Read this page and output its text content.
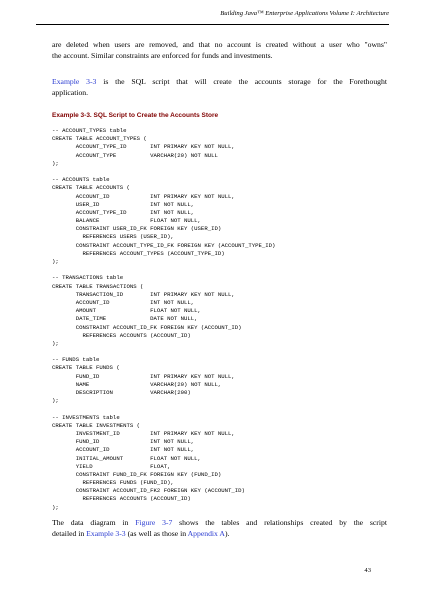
Building Java™ Enterprise Applications Volume I: Architecture

are deleted when users are removed, and that no account is created without a user who "owns"
the account. Similar constraints are enforced for funds and investments.

Example 3-3 is the SQL script that will create the accounts storage for the Forethought
application.

Example 3-3. SQL Script to Create the Accounts Store
-- ACCOUNT_TYPES table
CREATE TABLE ACCOUNT_TYPES (
ACCOUNT_TYPE_ID       INT PRIMARY KEY NOT NULL,
ACCOUNT_TYPE          VARCHAR(20) NOT NULL
);
-- ACCOUNTS table
CREATE TABLE ACCOUNTS (
ACCOUNT_ID            INT PRIMARY KEY NOT NULL,
USER_ID               INT NOT NULL,
ACCOUNT_TYPE_ID       INT NOT NULL,
BALANCE               FLOAT NOT NULL,
CONSTRAINT USER_ID_FK FOREIGN KEY (USER_ID)
REFERENCES USERS (USER_ID),
CONSTRAINT ACCOUNT_TYPE_ID_FK FOREIGN KEY (ACCOUNT_TYPE_ID)
REFERENCES ACCOUNT_TYPES (ACCOUNT_TYPE_ID)
);
-- TRANSACTIONS table
CREATE TABLE TRANSACTIONS (
TRANSACTION_ID        INT PRIMARY KEY NOT NULL,
ACCOUNT_ID            INT NOT NULL,
AMOUNT                FLOAT NOT NULL,
DATE_TIME             DATE NOT NULL,
CONSTRAINT ACCOUNT_ID_FK FOREIGN KEY (ACCOUNT_ID)
REFERENCES ACCOUNTS (ACCOUNT_ID)
);
-- FUNDS table
CREATE TABLE FUNDS (
FUND_ID               INT PRIMARY KEY NOT NULL,
NAME                  VARCHAR(20) NOT NULL,
DESCRIPTION           VARCHAR(200)
);
-- INVESTMENTS table
CREATE TABLE INVESTMENTS (
INVESTMENT_ID         INT PRIMARY KEY NOT NULL,
FUND_ID               INT NOT NULL,
ACCOUNT_ID            INT NOT NULL,
INITIAL_AMOUNT        FLOAT NOT NULL,
YIELD                 FLOAT,
CONSTRAINT FUND_ID_FK FOREIGN KEY (FUND_ID)
REFERENCES FUNDS (FUND_ID),
CONSTRAINT ACCOUNT_ID_FK2 FOREIGN KEY (ACCOUNT_ID)
REFERENCES ACCOUNTS (ACCOUNT_ID)
);

The data diagram in Figure 3-7 shows the tables and relationships created by the script
detailed in Example 3-3 (as well as those in Appendix A).

43
